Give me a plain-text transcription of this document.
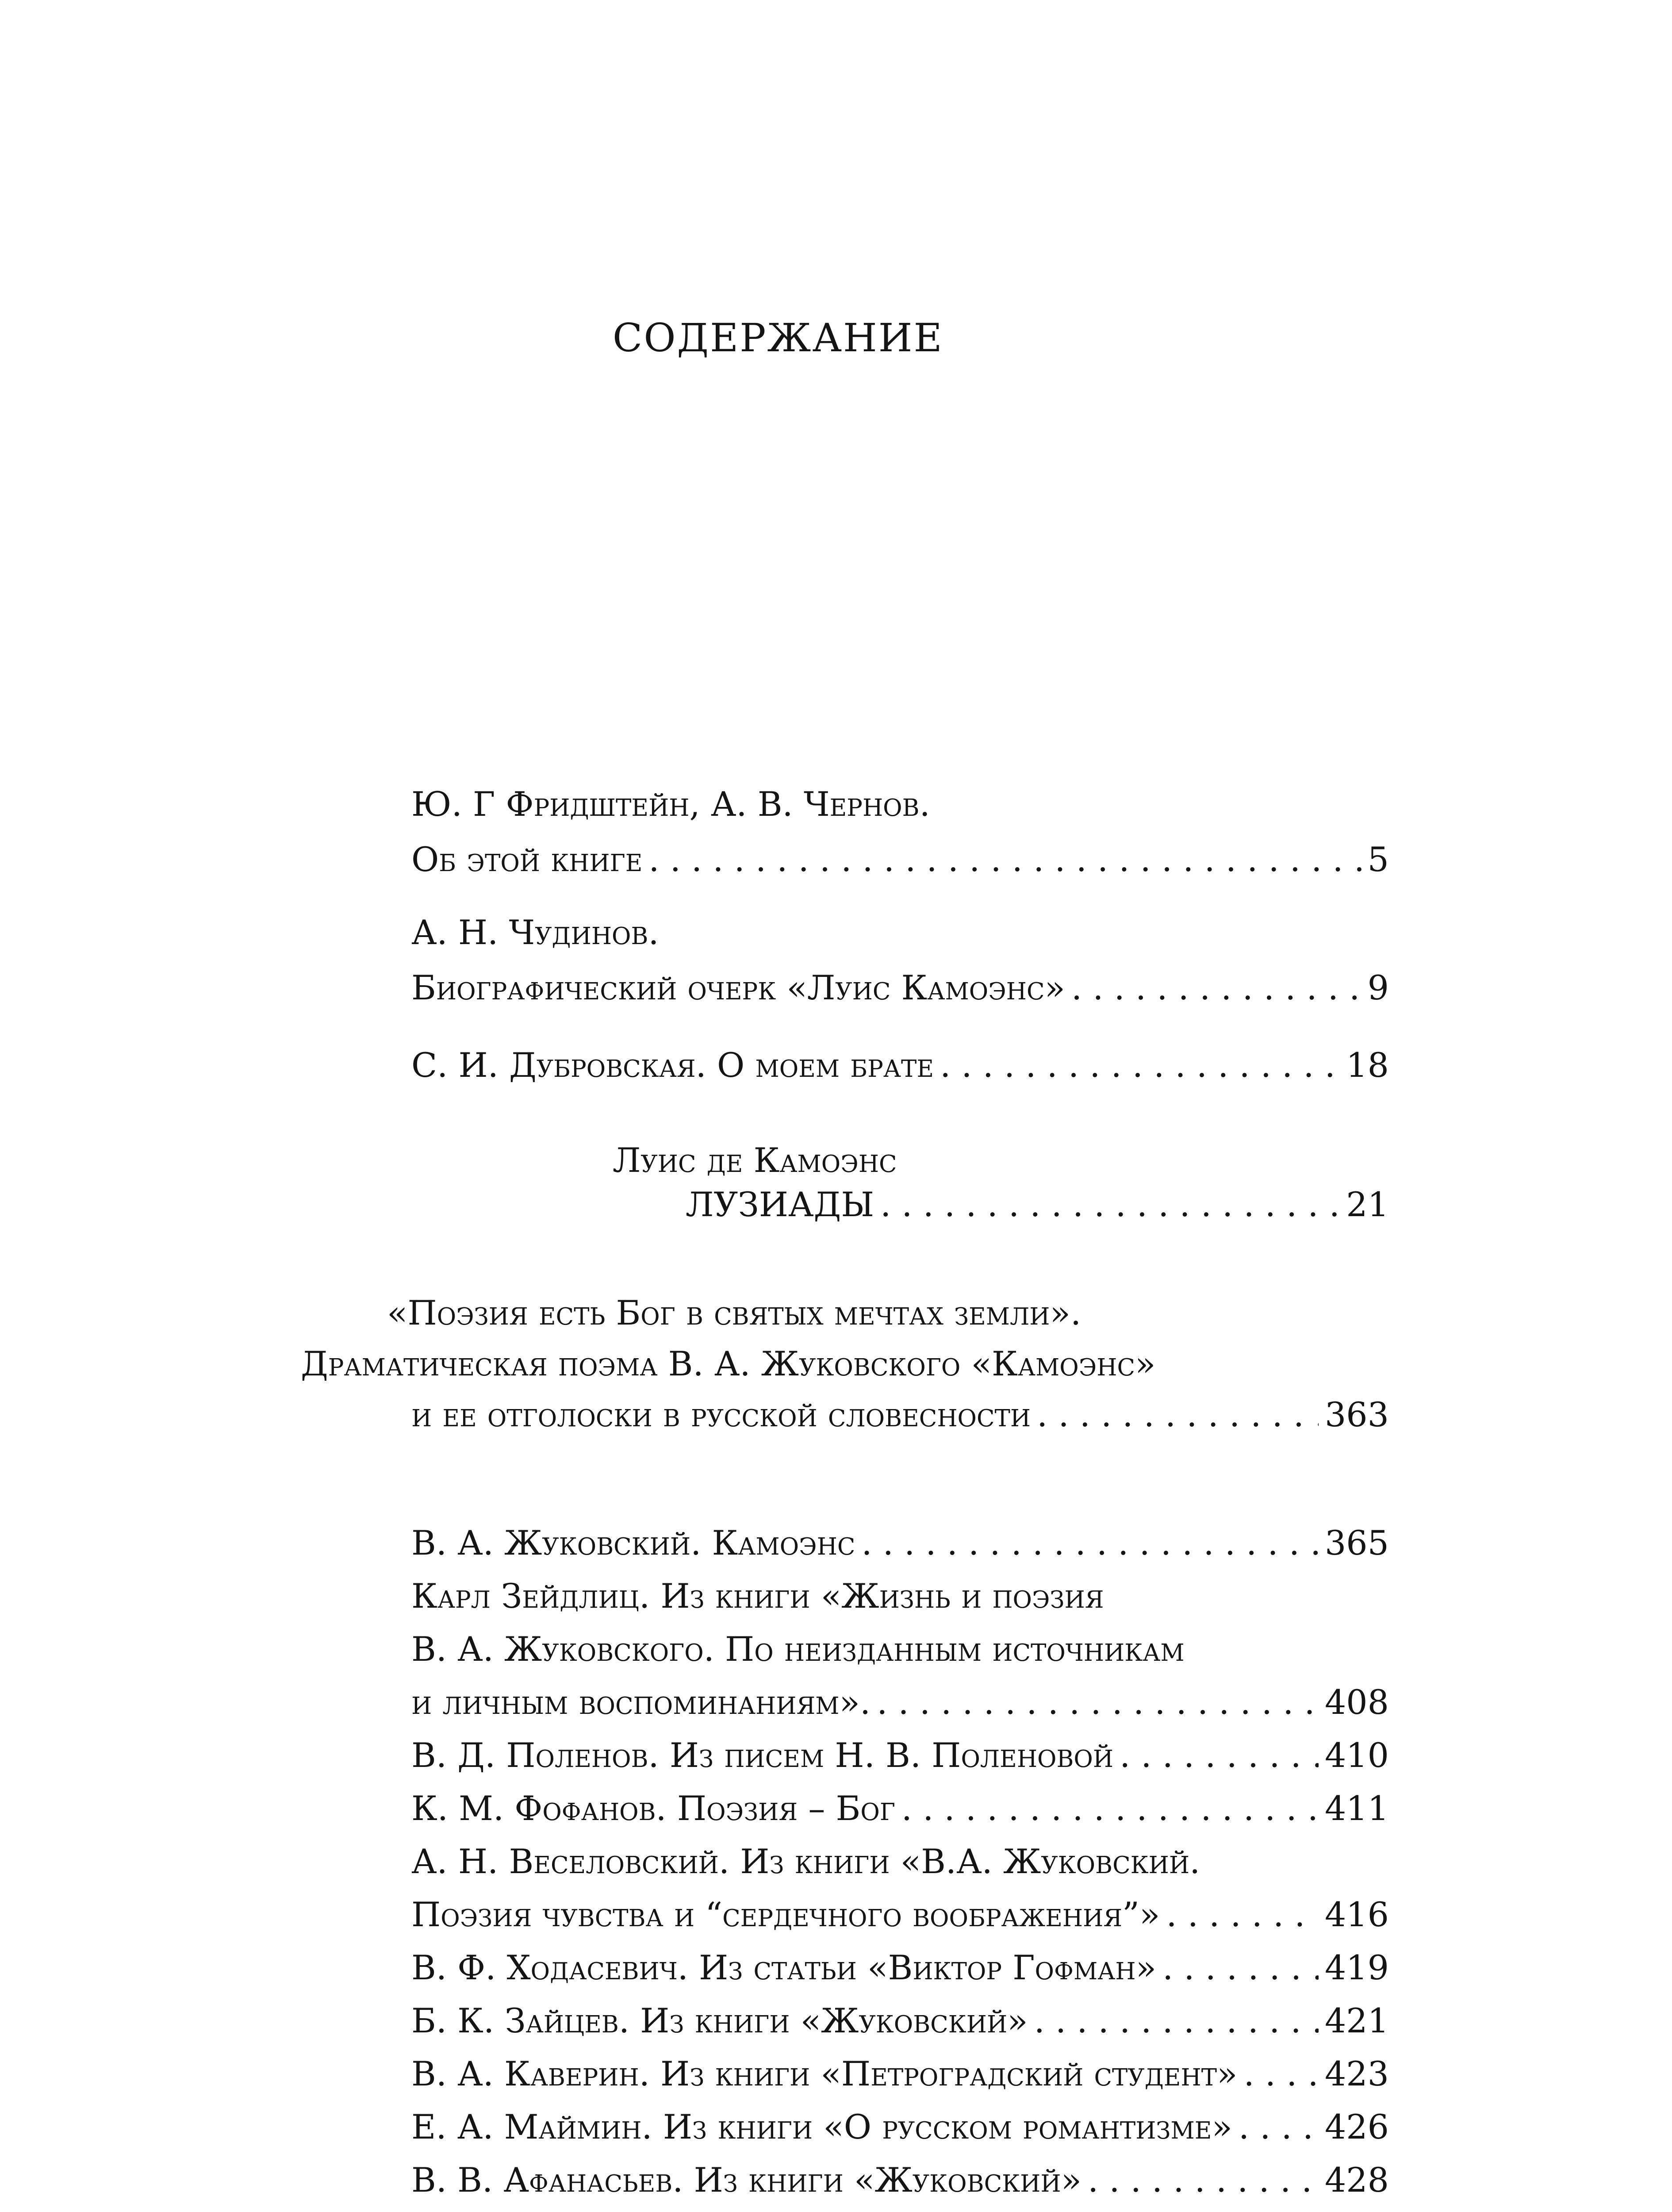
СОДЕРЖАНИЕ
Ю. Г Фридштейн, А. В. Чернов.
Об этой книге . . .	5
А. Н. Чудинов.
Биографический очерк «Луис Камоэнс» . . .	9
С. И. Дубровская. О моем брате . . .	18
Луис де Камоэнс
ЛУЗИАДЫ . . .	21
«Поэзия есть Бог в святых мечтах земли».
Драматическая поэма В. А. Жуковского «Камоэнс»
и ее отголоски в русской словесности . . .	363
В. А. Жуковский. Камоэнс . . .	365
Карл Зейдлиц. Из книги «Жизнь и поэзия
В. А. Жуковского. По неизданным источникам
и личным воспоминаниям». . . .	408
В. Д. Поленов. Из писем Н. В. Поленовой . . .	410
К. М. Фофанов. Поэзия – Бог . . .	411
А. Н. Веселовский. Из книги «В.А. Жуковский.
Поэзия чувства и “сердечного воображения”» . . .	416
В. Ф. Ходасевич. Из статьи «Виктор Гофман» . . .	419
Б. К. Зайцев. Из книги «Жуковский» . . .	421
В. А. Каверин. Из книги «Петроградский студент» . . .	423
Е. А. Маймин. Из книги «О русском романтизме» . . .	426
В. В. Афанасьев. Из книги «Жуковский» . . .	428
